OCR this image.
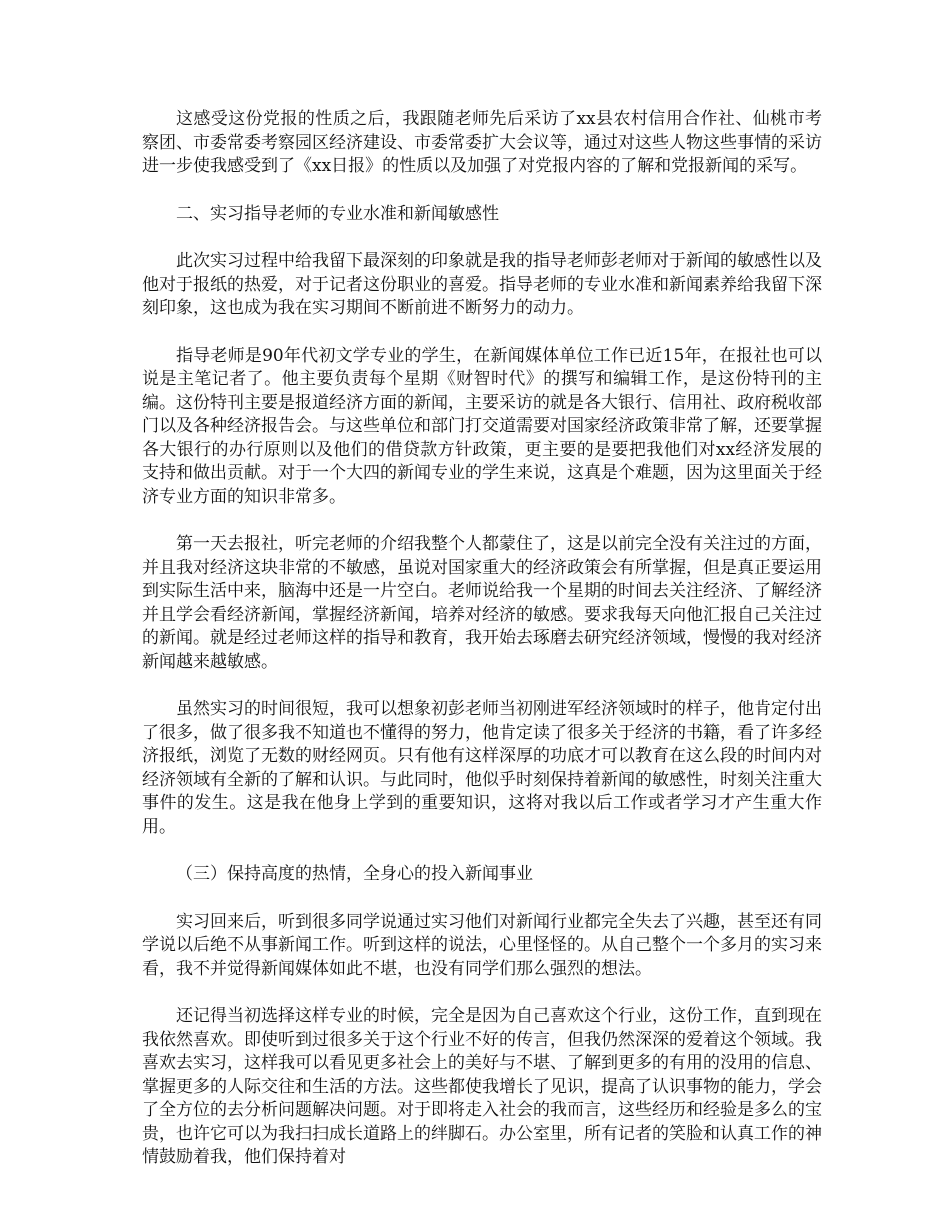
这感受这份党报的性质之后，我跟随老师先后采访了xx县农村信用合作社、仙桃市考察团、市委常委考察园区经济建设、市委常委扩大会议等，通过对这些人物这些事情的采访进一步使我感受到了《xx日报》的性质以及加强了对党报内容的了解和党报新闻的采写。

二、实习指导老师的专业水准和新闻敏感性

此次实习过程中给我留下最深刻的印象就是我的指导老师彭老师对于新闻的敏感性以及他对于报纸的热爱，对于记者这份职业的喜爱。指导老师的专业水准和新闻素养给我留下深刻印象，这也成为我在实习期间不断前进不断努力的动力。

指导老师是90年代初文学专业的学生，在新闻媒体单位工作已近15年，在报社也可以说是主笔记者了。他主要负责每个星期《财智时代》的撰写和编辑工作，是这份特刊的主编。这份特刊主要是报道经济方面的新闻，主要采访的就是各大银行、信用社、政府税收部门以及各种经济报告会。与这些单位和部门打交道需要对国家经济政策非常了解，还要掌握各大银行的办行原则以及他们的借贷款方针政策，更主要的是要把我他们对xx经济发展的支持和做出贡献。对于一个大四的新闻专业的学生来说，这真是个难题，因为这里面关于经济专业方面的知识非常多。

第一天去报社，听完老师的介绍我整个人都蒙住了，这是以前完全没有关注过的方面，并且我对经济这块非常的不敏感，虽说对国家重大的经济政策会有所掌握，但是真正要运用到实际生活中来，脑海中还是一片空白。老师说给我一个星期的时间去关注经济、了解经济并且学会看经济新闻，掌握经济新闻，培养对经济的敏感。要求我每天向他汇报自己关注过的新闻。就是经过老师这样的指导和教育，我开始去琢磨去研究经济领域，慢慢的我对经济新闻越来越敏感。

虽然实习的时间很短，我可以想象初彭老师当初刚进军经济领域时的样子，他肯定付出了很多，做了很多我不知道也不懂得的努力，他肯定读了很多关于经济的书籍，看了许多经济报纸，浏览了无数的财经网页。只有他有这样深厚的功底才可以教育在这么段的时间内对经济领域有全新的了解和认识。与此同时，他似乎时刻保持着新闻的敏感性，时刻关注重大事件的发生。这是我在他身上学到的重要知识，这将对我以后工作或者学习才产生重大作用。

（三）保持高度的热情，全身心的投入新闻事业

实习回来后，听到很多同学说通过实习他们对新闻行业都完全失去了兴趣，甚至还有同学说以后绝不从事新闻工作。听到这样的说法，心里怪怪的。从自己整个一个多月的实习来看，我不并觉得新闻媒体如此不堪，也没有同学们那么强烈的想法。

还记得当初选择这样专业的时候，完全是因为自己喜欢这个行业，这份工作，直到现在我依然喜欢。即使听到过很多关于这个行业不好的传言，但我仍然深深的爱着这个领域。我喜欢去实习，这样我可以看见更多社会上的美好与不堪、了解到更多的有用的没用的信息、掌握更多的人际交往和生活的方法。这些都使我增长了见识，提高了认识事物的能力，学会了全方位的去分析问题解决问题。对于即将走入社会的我而言，这些经历和经验是多么的宝贵，也许它可以为我扫扫成长道路上的绊脚石。办公室里，所有记者的笑脸和认真工作的神情鼓励着我，他们保持着对
